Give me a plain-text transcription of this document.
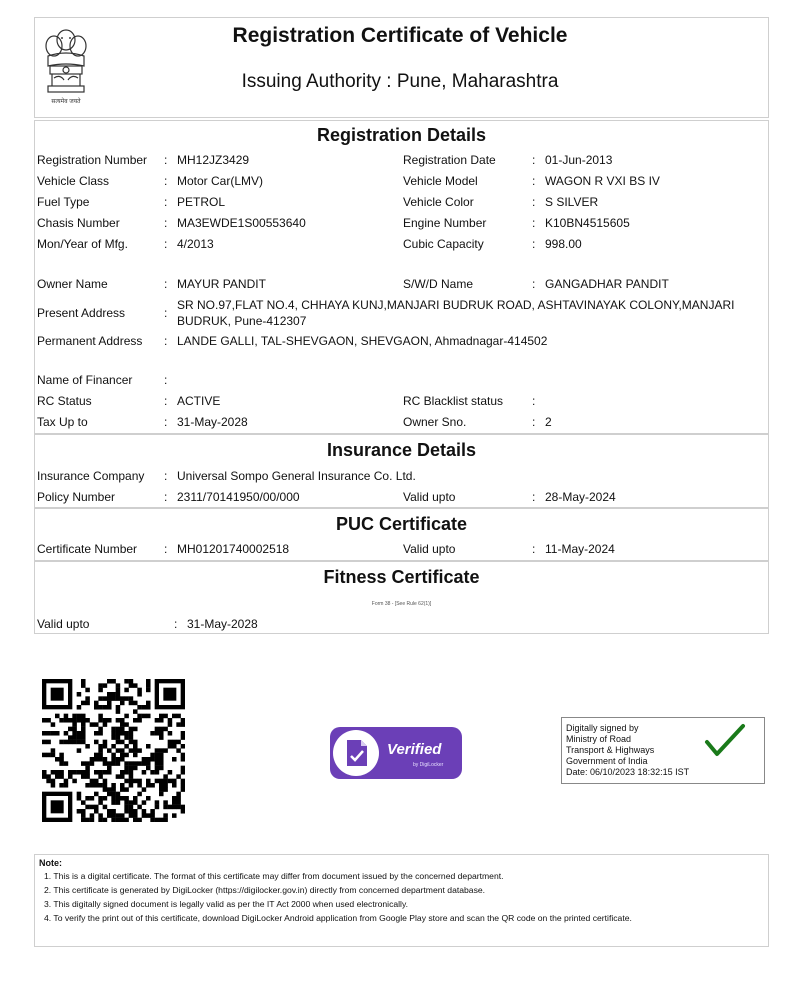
सत्यमेव जयते
Registration Certificate of Vehicle
Issuing Authority : Pune, Maharashtra
Registration Details
Registration Number : MH12JZ3429	Registration Date	: 01-Jun-2013
Vehicle Class	: Motor Car(LMV)	Vehicle Model	: WAGON R VXI BS IV
Fuel Type	: PETROL	Vehicle Color	: S SILVER
Chasis Number	: MA3EWDE1S00553640	Engine Number	: K10BN4515605
Mon/Year of Mfg.	: 4/2013	Cubic Capacity	: 998.00
Owner Name	: MAYUR PANDIT	S/W/D Name	: GANGADHAR PANDIT
Present Address	:
SR NO.97,FLAT NO.4, CHHAYA KUNJ,MANJARI BUDRUK ROAD, ASHTAVINAYAK COLONY,MANJARI BUDRUK, Pune-412307
Permanent Address : LANDE GALLI, TAL-SHEVGAON, SHEVGAON, Ahmadnagar-414502
Name of Financer	:
RC Status	: ACTIVE	RC Blacklist status :
Tax Up to	: 31-May-2028	Owner Sno.	: 2
Insurance Details
Insurance Company : Universal Sompo General Insurance Co. Ltd.
Policy Number	: 2311/70141950/00/000	Valid upto	: 28-May-2024
PUC Certificate
Certificate Number : MH01201740002518	Valid upto	: 11-May-2024
Fitness Certificate
Form 38 - [See Rule 62(1)]
Valid upto	: 31-May-2028
Verified
by DigiLocker
Digitally signed by
Ministry of Road
Transport & Highways
Government of India
Date: 06/10/2023 18:32:15 IST
Note:
1. This is a digital certificate. The format of this certificate may differ from document issued by the concerned department.
2. This certificate is generated by DigiLocker (https://digilocker.gov.in) directly from concerned department database.
3. This digitally signed document is legally valid as per the IT Act 2000 when used electronically.
4. To verify the print out of this certificate, download DigiLocker Android application from Google Play store and scan the QR code on the printed certificate.
